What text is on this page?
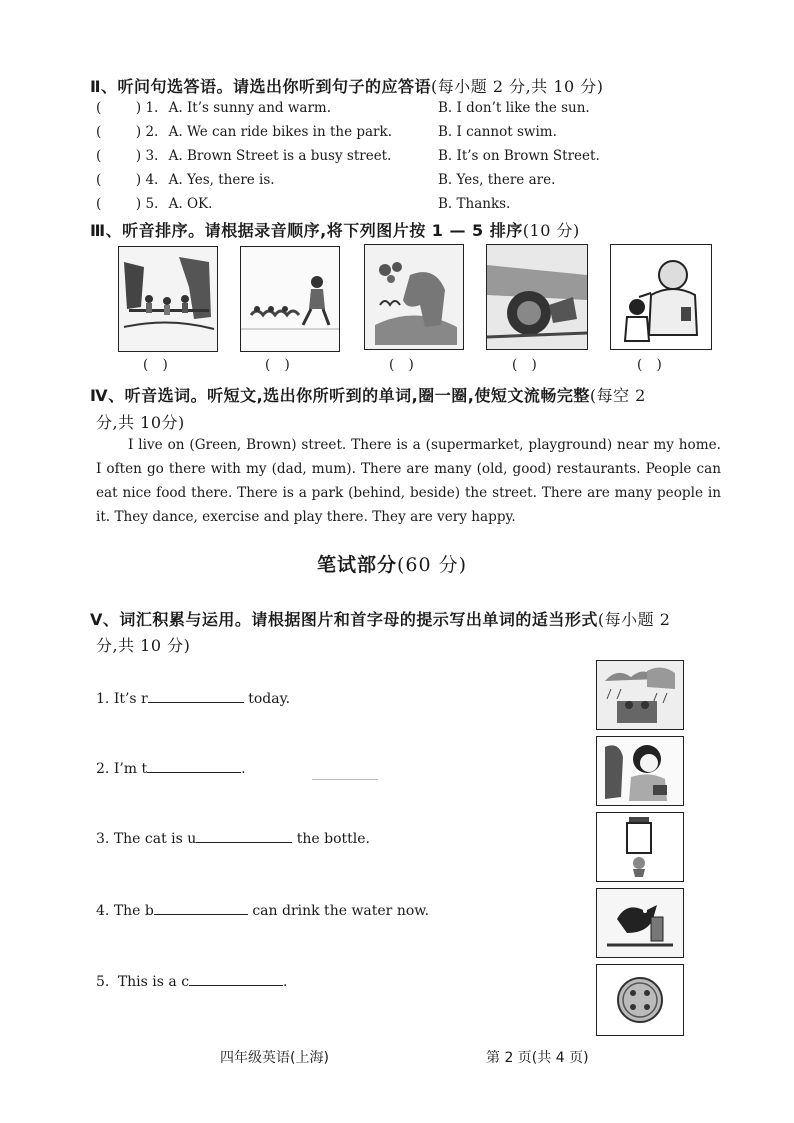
Ⅱ、听问句选答语。请选出你听到句子的应答语(每小题 2 分,共 10 分)
(	) 1. A. It’s sunny and warm.	B. I don’t like the sun.
(	) 2. A. We can ride bikes in the park.	B. I cannot swim.
(	) 3. A. Brown Street is a busy street.	B. It’s on Brown Street.
(	) 4. A. Yes, there is.	B. Yes, there are.
(	) 5. A. OK.	B. Thanks.
Ⅲ、听音排序。请根据录音顺序,将下列图片按 1 — 5 排序(10 分)
( )	( )	( )	( )	( )
Ⅳ、听音选词。听短文,选出你所听到的单词,圈一圈,使短文流畅完整(每空 2
分,共 10分)
I live on (Green, Brown) street. There is a (supermarket, playground) near my home. I often go there with my (dad, mum). There are many (old, good) restaurants. People can eat nice food there. There is a park (behind, beside) the street. There are many people in it. They dance, exercise and play there. They are very happy.
笔试部分(60 分)
Ⅴ、词汇积累与运用。请根据图片和首字母的提示写出单词的适当形式(每小题 2
分,共 10 分)
1. It’s r	today.
2. I’m t	.
3. The cat is u	the bottle.
4. The b	can drink the water now.
5. This is a c	.
四年级英语(上海)	第 2 页(共 4 页)
